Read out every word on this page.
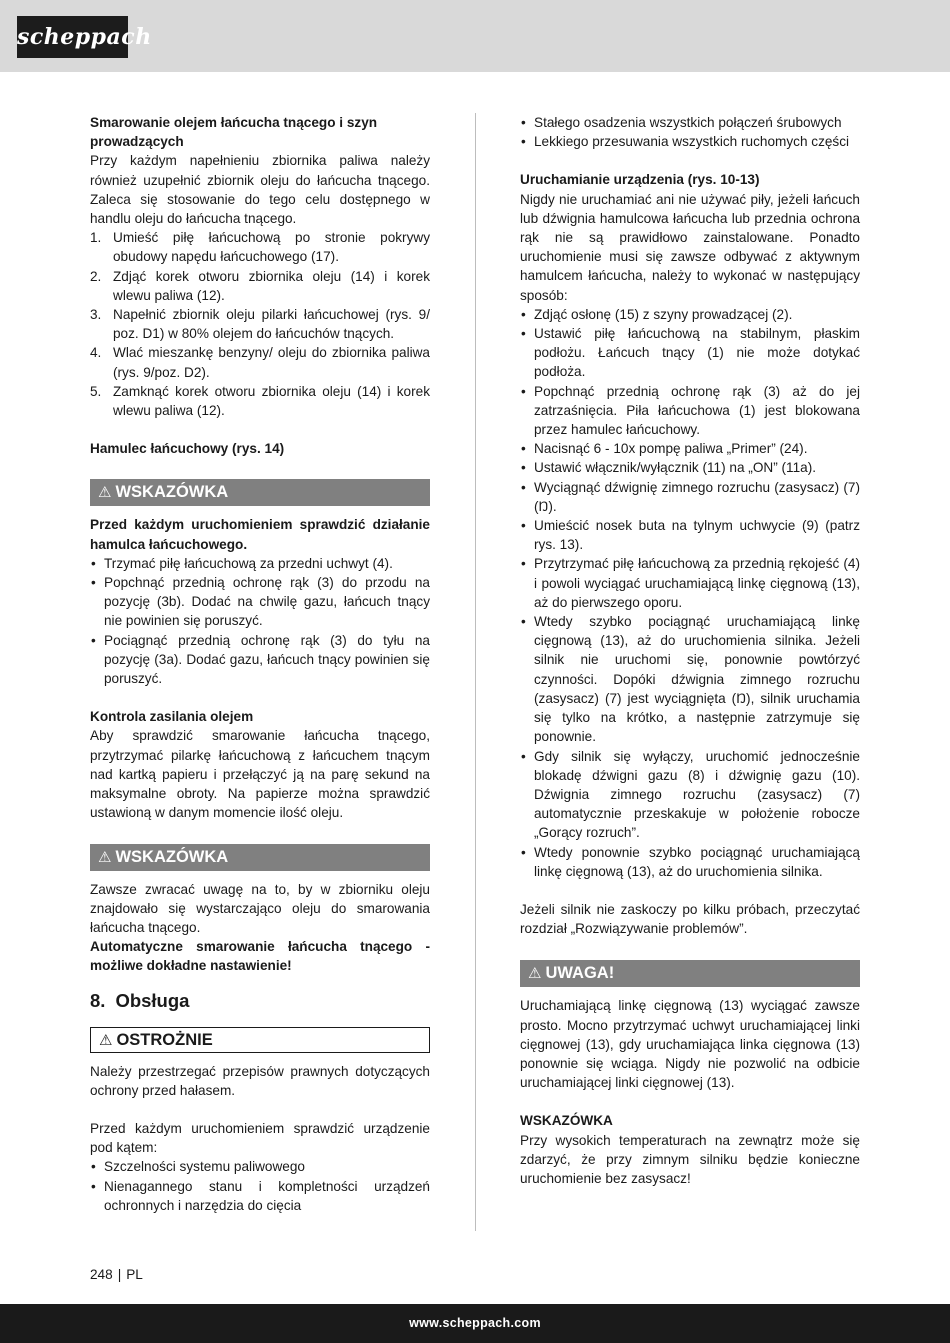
scheppach

Smarowanie olejem łańcucha tnącego i szyn prowadzących

Przy każdym napełnieniu zbiornika paliwa należy również uzupełnić zbiornik oleju do łańcucha tnącego. Zaleca się stosowanie do tego celu dostępnego w handlu oleju do łańcucha tnącego.

1. Umieść piłę łańcuchową po stronie pokrywy obudowy napędu łańcuchowego (17).
2. Zdjąć korek otworu zbiornika oleju (14) i korek wlewu paliwa (12).
3. Napełnić zbiornik oleju pilarki łańcuchowej (rys. 9/ poz. D1) w 80% olejem do łańcuchów tnących.
4. Wlać mieszankę benzyny/ oleju do zbiornika paliwa (rys. 9/poz. D2).
5. Zamknąć korek otworu zbiornika oleju (14) i korek wlewu paliwa (12).

Hamulec łańcuchowy (rys. 14)

⚠ WSKAZÓWKA

Przed każdym uruchomieniem sprawdzić działanie hamulca łańcuchowego.

• Trzymać piłę łańcuchową za przedni uchwyt (4).
• Popchnąć przednią ochronę rąk (3) do przodu na pozycję (3b). Dodać na chwilę gazu, łańcuch tnący nie powinien się poruszyć.
• Pociągnąć przednią ochronę rąk (3) do tyłu na pozycję (3a). Dodać gazu, łańcuch tnący powinien się poruszyć.

Kontrola zasilania olejem

Aby sprawdzić smarowanie łańcucha tnącego, przytrzymać pilarkę łańcuchową z łańcuchem tnącym nad kartką papieru i przełączyć ją na parę sekund na maksymalne obroty. Na papierze można sprawdzić ustawioną w danym momencie ilość oleju.

⚠ WSKAZÓWKA

Zawsze zwracać uwagę na to, by w zbiorniku oleju znajdowało się wystarczająco oleju do smarowania łańcucha tnącego.

Automatyczne smarowanie łańcucha tnącego - możliwe dokładne nastawienie!

8. Obsługa
⚠ OSTROŻNIE

Należy przestrzegać przepisów prawnych dotyczących ochrony przed hałasem.

Przed każdym uruchomieniem sprawdzić urządzenie pod kątem:

• Szczelności systemu paliwowego
• Nienagannego stanu i kompletności urządzeń ochronnych i narzędzia do cięcia
• Stałego osadzenia wszystkich połączeń śrubowych
• Lekkiego przesuwania wszystkich ruchomych części

Uruchamianie urządzenia (rys. 10-13)

Nigdy nie uruchamiać ani nie używać piły, jeżeli łańcuch lub dźwignia hamulcowa łańcucha lub przednia ochrona rąk nie są prawidłowo zainstalowane. Ponadto uruchomienie musi się zawsze odbywać z aktywnym hamulcem łańcucha, należy to wykonać w następujący sposób:

• Zdjąć osłonę (15) z szyny prowadzącej (2).
• Ustawić piłę łańcuchową na stabilnym, płaskim podłożu. Łańcuch tnący (1) nie może dotykać podłoża.
• Popchnąć przednią ochronę rąk (3) aż do jej zatrzaśnięcia. Piła łańcuchowa (1) jest blokowana przez hamulec łańcuchowy.
• Nacisnąć 6 - 10x pompę paliwa „Primer” (24).
• Ustawić włącznik/wyłącznik (11) na „ON” (11a).
• Wyciągnąć dźwignię zimnego rozruchu (zasysacz) (7) (Ŋ).
• Umieścić nosek buta na tylnym uchwycie (9) (patrz rys. 13).
• Przytrzymać piłę łańcuchową za przednią rękojeść (4) i powoli wyciągać uruchamiającą linkę cięgnową (13), aż do pierwszego oporu.
• Wtedy szybko pociągnąć uruchamiającą linkę cięgnową (13), aż do uruchomienia silnika. Jeżeli silnik nie uruchomi się, ponownie powtórzyć czynności. Dopóki dźwignia zimnego rozruchu (zasysacz) (7) jest wyciągnięta (Ŋ), silnik uruchamia się tylko na krótko, a następnie zatrzymuje się ponownie.
• Gdy silnik się wyłączy, uruchomić jednocześnie blokadę dźwigni gazu (8) i dźwignię gazu (10). Dźwignia zimnego rozruchu (zasysacz) (7) automatycznie przeskakuje w położenie robocze „Gorący rozruch”.
• Wtedy ponownie szybko pociągnąć uruchamiającą linkę cięgnową (13), aż do uruchomienia silnika.

Jeżeli silnik nie zaskoczy po kilku próbach, przeczytać rozdział „Rozwiązywanie problemów”.

⚠ UWAGA!

Uruchamiającą linkę cięgnową (13) wyciągać zawsze prosto. Mocno przytrzymać uchwyt uruchamiającej linki cięgnowej (13), gdy uruchamiająca linka cięgnowa (13) ponownie się wciąga. Nigdy nie pozwolić na odbicie uruchamiającej linki cięgnowej (13).

WSKAZÓWKA

Przy wysokich temperaturach na zewnątrz może się zdarzyć, że przy zimnym silniku będzie konieczne uruchomienie bez zasysacz!

248 | PL
www.scheppach.com
